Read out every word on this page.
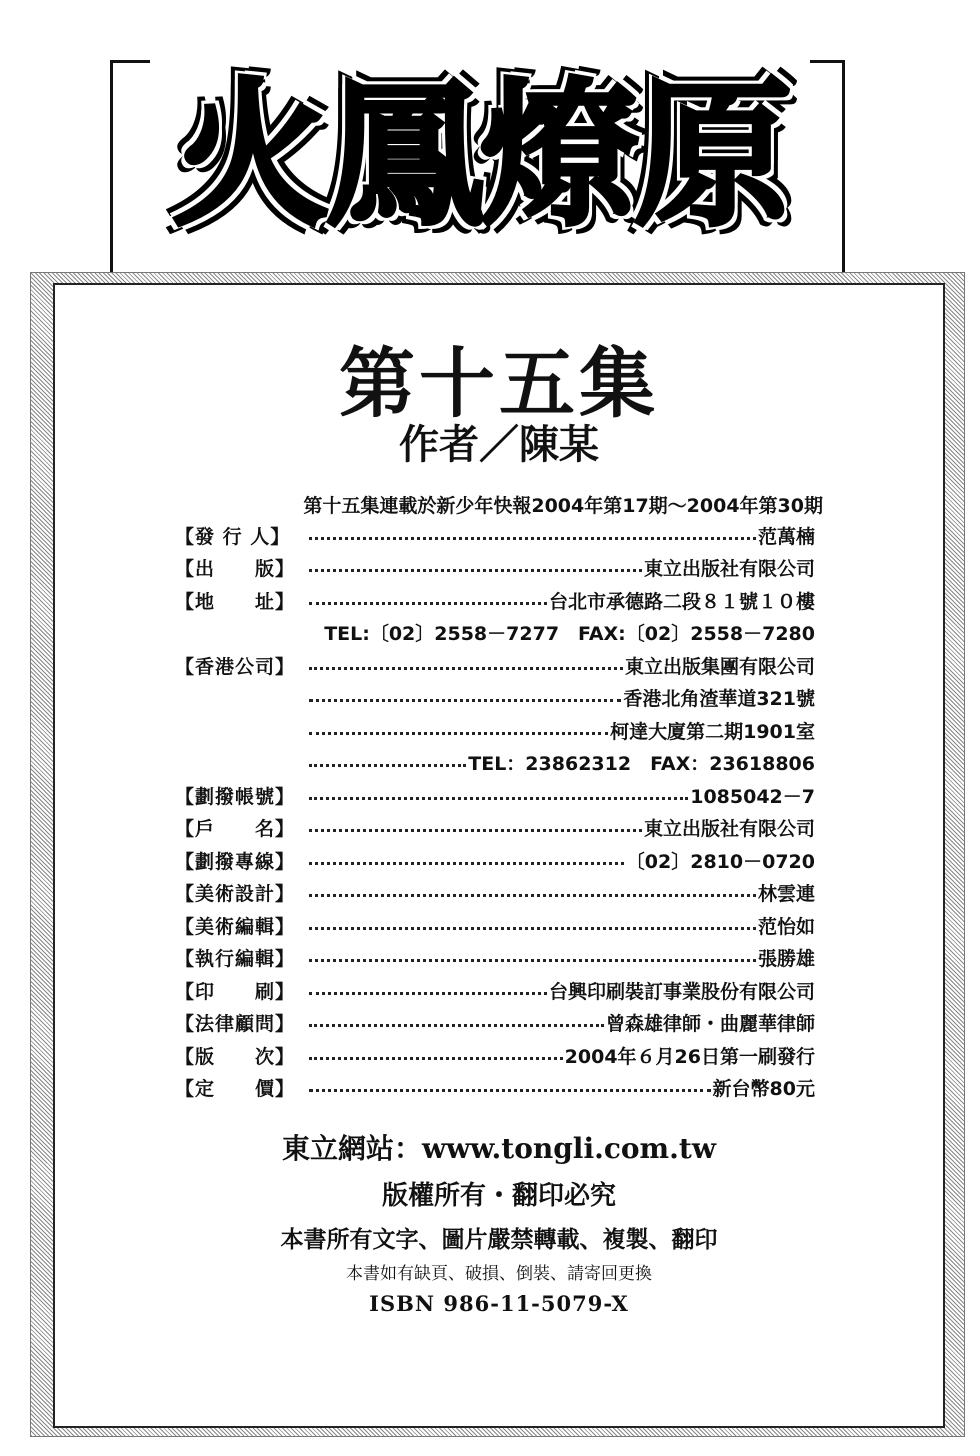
火鳳燎原
第十五集
作者／陳某
第十五集連載於新少年快報2004年第17期～2004年第30期
【發 行 人】	范萬楠
【出　　版】	東立出版社有限公司
【地　　址】	台北市承德路二段８１號１０樓
TEL:〔02〕2558－7277　FAX:〔02〕2558－7280
【香港公司】	東立出版集團有限公司
香港北角渣華道321號
柯達大廈第二期1901室
TEL：23862312　FAX：23618806
【劃撥帳號】	1085042－7
【戶　　名】	東立出版社有限公司
【劃撥專線】	〔02〕2810－0720
【美術設計】	林雲連
【美術編輯】	范怡如
【執行編輯】	張勝雄
【印　　刷】	台興印刷裝訂事業股份有限公司
【法律顧問】	曾森雄律師・曲麗華律師
【版　　次】	2004年６月26日第一刷發行
【定　　價】	新台幣80元
東立網站：www.tongli.com.tw
版權所有・翻印必究
本書所有文字、圖片嚴禁轉載、複製、翻印
本書如有缺頁、破損、倒裝、請寄回更換
ISBN 986-11-5079-X
